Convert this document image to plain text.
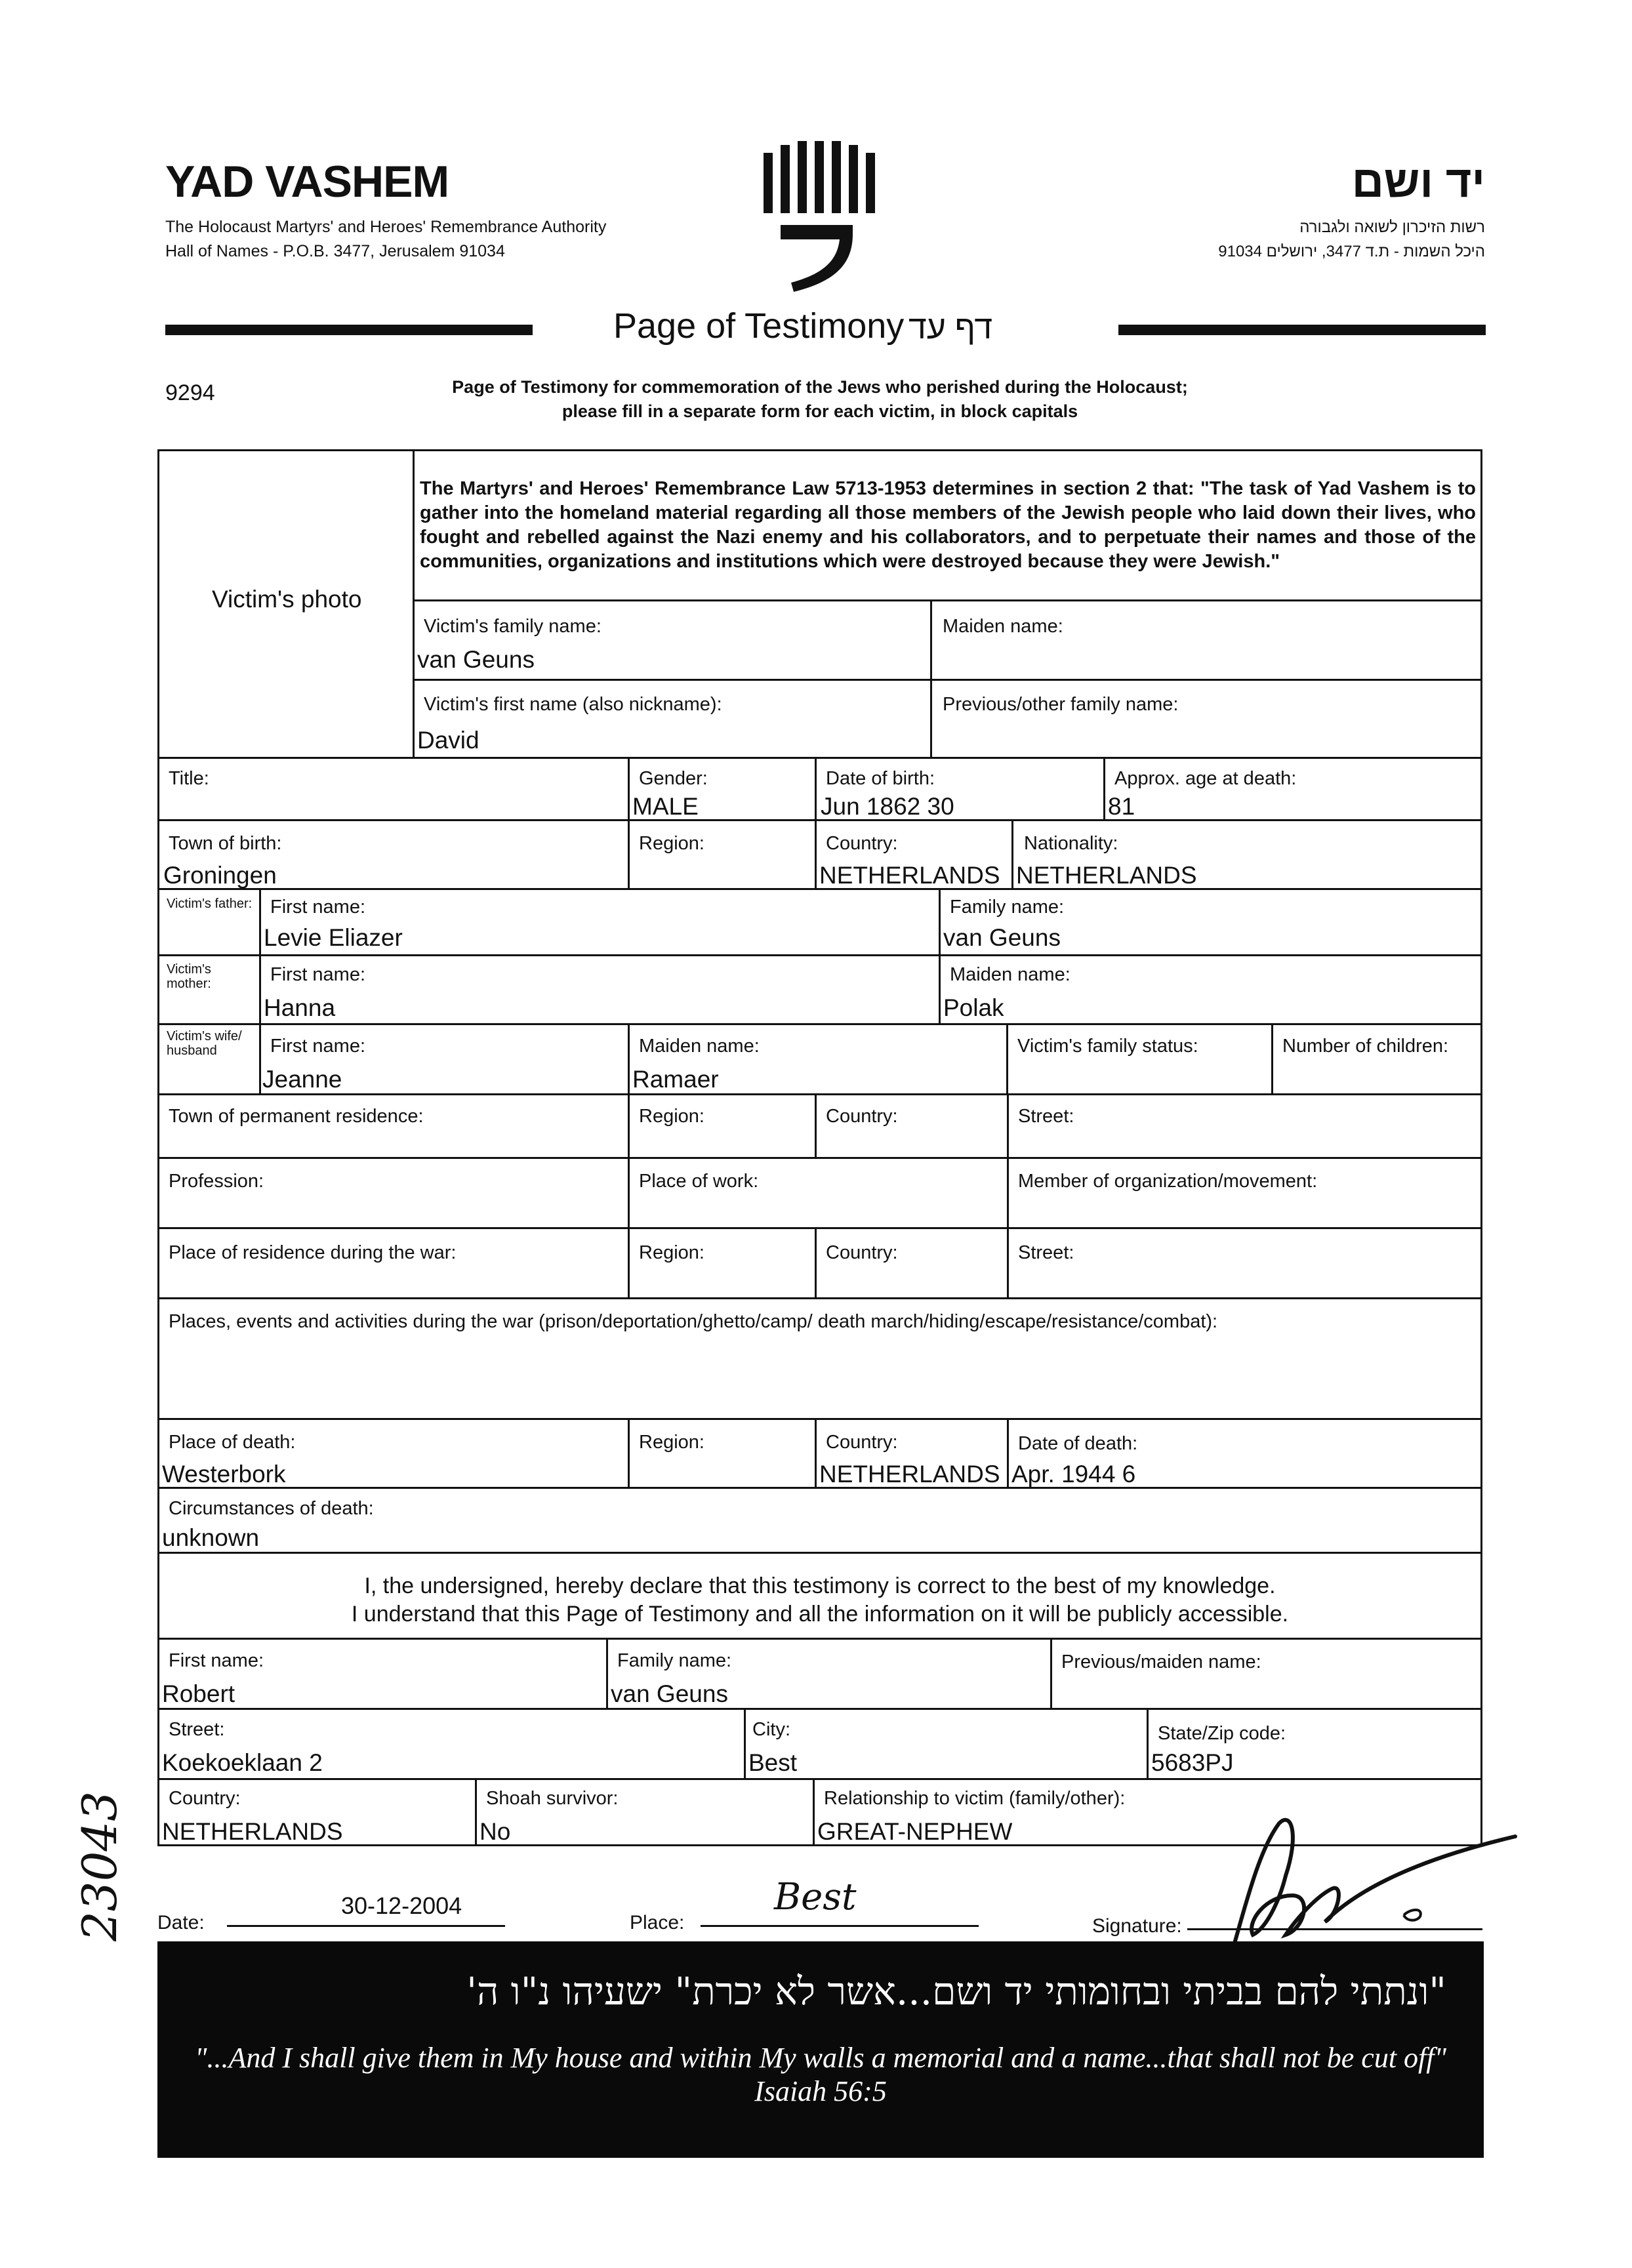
YAD VASHEM
The Holocaust Martyrs' and Heroes' Remembrance Authority
Hall of Names - P.O.B. 3477, Jerusalem 91034
יד ושם
רשות הזיכרון לשואה ולגבורה
היכל השמות - ת.ד 3477, ירושלים 91034
Page of Testimony דף עד
9294	Page of Testimony for commemoration of the Jews who perished during the Holocaust;
please fill in a separate form for each victim, in block capitals
Victim's photo
The Martyrs' and Heroes' Remembrance Law 5713-1953 determines in section 2 that: "The task of Yad Vashem is to gather into the homeland material regarding all those members of the Jewish people who laid down their lives, who fought and rebelled against the Nazi enemy and his collaborators, and to perpetuate their names and those of the communities, organizations and institutions which were destroyed because they were Jewish."
Victim's family name:
van Geuns
Maiden name:
Victim's first name (also nickname):
David
Previous/other family name:
Title:	Gender:
MALE
Date of birth:
Jun 1862 30
Approx. age at death:
81
Town of birth:
Groningen
Region:	Country:
NETHERLANDS
Nationality:
NETHERLANDS
Victim's father: First name:
Levie Eliazer
Family name:
van Geuns
Victim's mother:	First name:
Hanna
Maiden name:
Polak
Victim's wife/ husband	First name:
Jeanne
Maiden name:
Ramaer
Victim's family status:	Number of children:
Town of permanent residence:	Region:	Country:	Street:
Profession:	Place of work:	Member of organization/movement:
Place of residence during the war:	Region:	Country:	Street:
Places, events and activities during the war (prison/deportation/ghetto/camp/ death march/hiding/escape/resistance/combat):
Place of death:
Westerbork
Region:	Country:
NETHERLANDS
Date of death:
Apr. 1944 6
Circumstances of death:
unknown
I, the undersigned, hereby declare that this testimony is correct to the best of my knowledge.
I understand that this Page of Testimony and all the information on it will be publicly accessible.
First name:
Robert
Family name:
van Geuns
Previous/maiden name:
Street:
Koekoeklaan 2
City:
Best
State/Zip code:
5683PJ
Country:
NETHERLANDS
Shoah survivor:
No
Relationship to victim (family/other):
GREAT-NEPHEW
23043 Date:
30-12-2004
Place:
Best
Signature:
"ונתתי להם בביתי ובחומותי יד ושם...אשר לא יכרת" ישעיהו נ"ו ה'
"...And I shall give them in My house and within My walls a memorial and a name...that shall not be cut off" Isaiah 56:5
